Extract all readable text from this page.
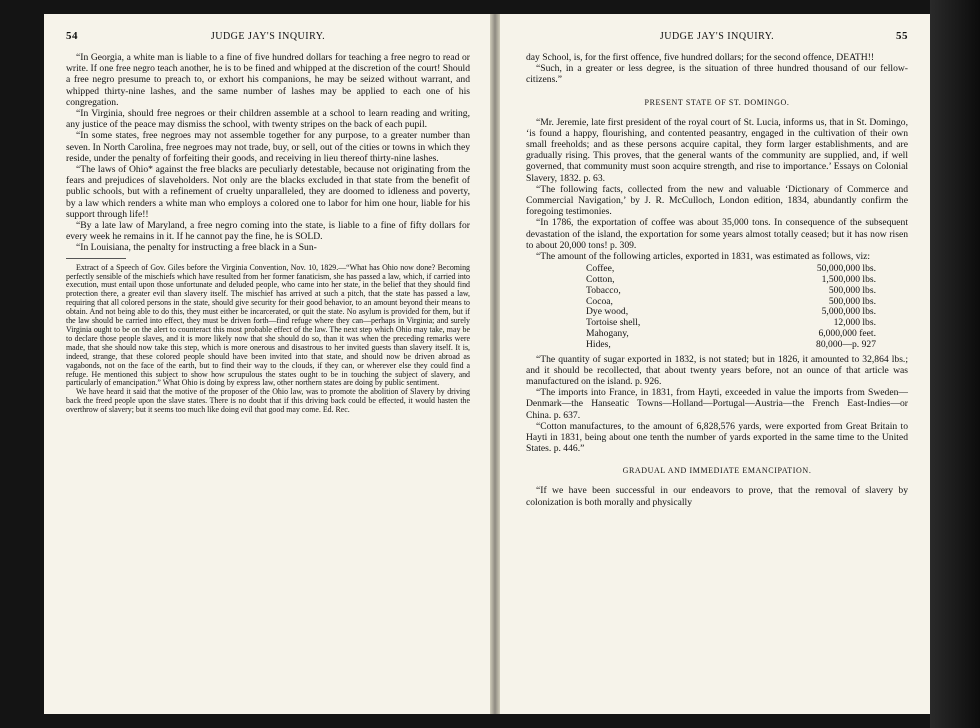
54	JUDGE JAY'S INQUIRY.

“In Georgia, a white man is liable to a fine of five hundred dollars for teaching a free negro to read or write. If one free negro teach another, he is to be fined and whipped at the discretion of the court! Should a free negro presume to preach to, or exhort his companions, he may be seized without warrant, and whipped thirty-nine lashes, and the same number of lashes may be applied to each one of his congregation.

“In Virginia, should free negroes or their children assemble at a school to learn reading and writing, any justice of the peace may dismiss the school, with twenty stripes on the back of each pupil.

“In some states, free negroes may not assemble together for any purpose, to a greater number than seven. In North Carolina, free negroes may not trade, buy, or sell, out of the cities or towns in which they reside, under the penalty of forfeiting their goods, and receiving in lieu thereof thirty-nine lashes.

“The laws of Ohio* against the free blacks are peculiarly detestable, because not originating from the fears and prejudices of slaveholders. Not only are the blacks excluded in that state from the benefit of public schools, but with a refinement of cruelty unparalleled, they are doomed to idleness and poverty, by a law which renders a white man who employs a colored one to labor for him one hour, liable for his support through life!!

“By a late law of Maryland, a free negro coming into the state, is liable to a fine of fifty dollars for every week he remains in it. If he cannot pay the fine, he is SOLD.

“In Louisiana, the penalty for instructing a free black in a Sun-

Extract of a Speech of Gov. Giles before the Virginia Convention, Nov. 10, 1829.—“What has Ohio now done? Becoming perfectly sensible of the mischiefs which have resulted from her former fanaticism, she has passed a law, which, if carried into execution, must entail upon those unfortunate and deluded people, who came into her state, in the belief that they should find protection there, a greater evil than slavery itself. The mischief has arrived at such a pitch, that the state has passed a law, requiring that all colored persons in the state, should give security for their good behavior, to an amount beyond their means to obtain. And not being able to do this, they must either be incarcerated, or quit the state. No asylum is provided for them, but if the law should be carried into effect, they must be driven forth—find refuge where they can—perhaps in Virginia; and surely Virginia ought to be on the alert to counteract this most probable effect of the law. The next step which Ohio may take, may be to declare those people slaves, and it is more likely now that she should do so, than it was when the preceding remarks were made, that she should now take this step, which is more onerous and disastrous to her invited guests than slavery itself. It is, indeed, strange, that these colored people should have been invited into that state, and should now be driven abroad as vagabonds, not on the face of the earth, but to find their way to the clouds, if they can, or wherever else they could find a refuge. He mentioned this subject to show how scrupulous the states ought to be in touching the subject of slavery, and particularly of emancipation.” What Ohio is doing by express law, other northern states are doing by public sentiment.

We have heard it said that the motive of the proposer of the Ohio law, was to promote the abolition of Slavery by driving back the freed people upon the slave states. There is no doubt that if this driving back could be effected, it would hasten the overthrow of slavery; but it seems too much like doing evil that good may come. Ed. Rec.

JUDGE JAY'S INQUIRY.	55

day School, is, for the first offence, five hundred dollars; for the second offence, DEATH!!

“Such, in a greater or less degree, is the situation of three hundred thousand of our fellow-citizens.”

PRESENT STATE OF ST. DOMINGO.

“Mr. Jeremie, late first president of the royal court of St. Lucia, informs us, that in St. Domingo, ‘is found a happy, flourishing, and contented peasantry, engaged in the cultivation of their own small freeholds; and as these persons acquire capital, they form larger establishments, and are gradually rising. This proves, that the general wants of the community are supplied, and, if well governed, that community must soon acquire strength, and rise to importance.’ Essays on Colonial Slavery, 1832. p. 63.

“The following facts, collected from the new and valuable ‘Dictionary of Commerce and Commercial Navigation,’ by J. R. McCulloch, London edition, 1834, abundantly confirm the foregoing testimonies.

“In 1786, the exportation of coffee was about 35,000 tons. In consequence of the subsequent devastation of the island, the exportation for some years almost totally ceased; but it has now risen to about 20,000 tons! p. 309.

“The amount of the following articles, exported in 1831, was estimated as follows, viz:

Coffee,	50,000,000 lbs.
Cotton,	1,500,000 lbs.
Tobacco,	500,000 lbs.
Cocoa,	500,000 lbs.
Dye wood,	5,000,000 lbs.
Tortoise shell,	12,000 lbs.
Mahogany,	6,000,000 feet.
Hides,	80,000—p. 927

“The quantity of sugar exported in 1832, is not stated; but in 1826, it amounted to 32,864 lbs.; and it should be recollected, that about twenty years before, not an ounce of that article was manufactured on the island. p. 926.

“The imports into France, in 1831, from Hayti, exceeded in value the imports from Sweden—Denmark—the Hanseatic Towns—Holland—Portugal—Austria—the French East-Indies—or China. p. 637.

“Cotton manufactures, to the amount of 6,828,576 yards, were exported from Great Britain to Hayti in 1831, being about one tenth the number of yards exported in the same time to the United States. p. 446.”

GRADUAL AND IMMEDIATE EMANCIPATION.

“If we have been successful in our endeavors to prove, that the removal of slavery by colonization is both morally and physically
